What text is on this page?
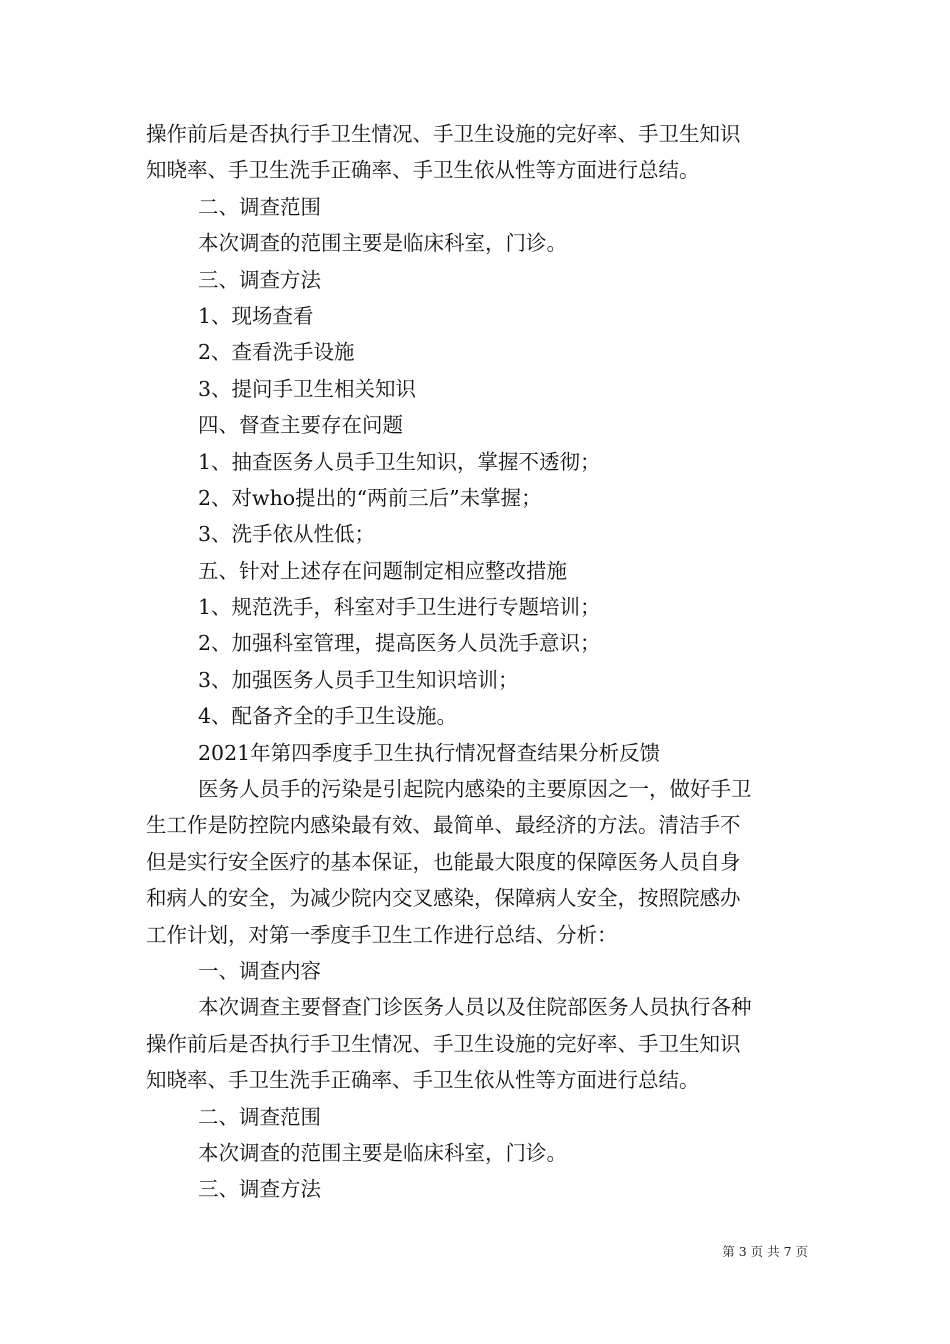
操作前后是否执行手卫生情况、手卫生设施的完好率、手卫生知识
知晓率、手卫生洗手正确率、手卫生依从性等方面进行总结。
二、调查范围
本次调查的范围主要是临床科室，门诊。
三、调查方法
1、现场查看
2、查看洗手设施
3、提问手卫生相关知识
四、督查主要存在问题
1、抽查医务人员手卫生知识，掌握不透彻；
2、对who提出的“两前三后”未掌握；
3、洗手依从性低；
五、针对上述存在问题制定相应整改措施
1、规范洗手，科室对手卫生进行专题培训；
2、加强科室管理，提高医务人员洗手意识；
3、加强医务人员手卫生知识培训；
4、配备齐全的手卫生设施。
2021年第四季度手卫生执行情况督查结果分析反馈
医务人员手的污染是引起院内感染的主要原因之一，做好手卫
生工作是防控院内感染最有效、最简单、最经济的方法。清洁手不
但是实行安全医疗的基本保证，也能最大限度的保障医务人员自身
和病人的安全，为减少院内交叉感染，保障病人安全，按照院感办
工作计划，对第一季度手卫生工作进行总结、分析：
一、调查内容
本次调查主要督查门诊医务人员以及住院部医务人员执行各种
操作前后是否执行手卫生情况、手卫生设施的完好率、手卫生知识
知晓率、手卫生洗手正确率、手卫生依从性等方面进行总结。
二、调查范围
本次调查的范围主要是临床科室，门诊。
三、调查方法
第 3 页 共 7 页
